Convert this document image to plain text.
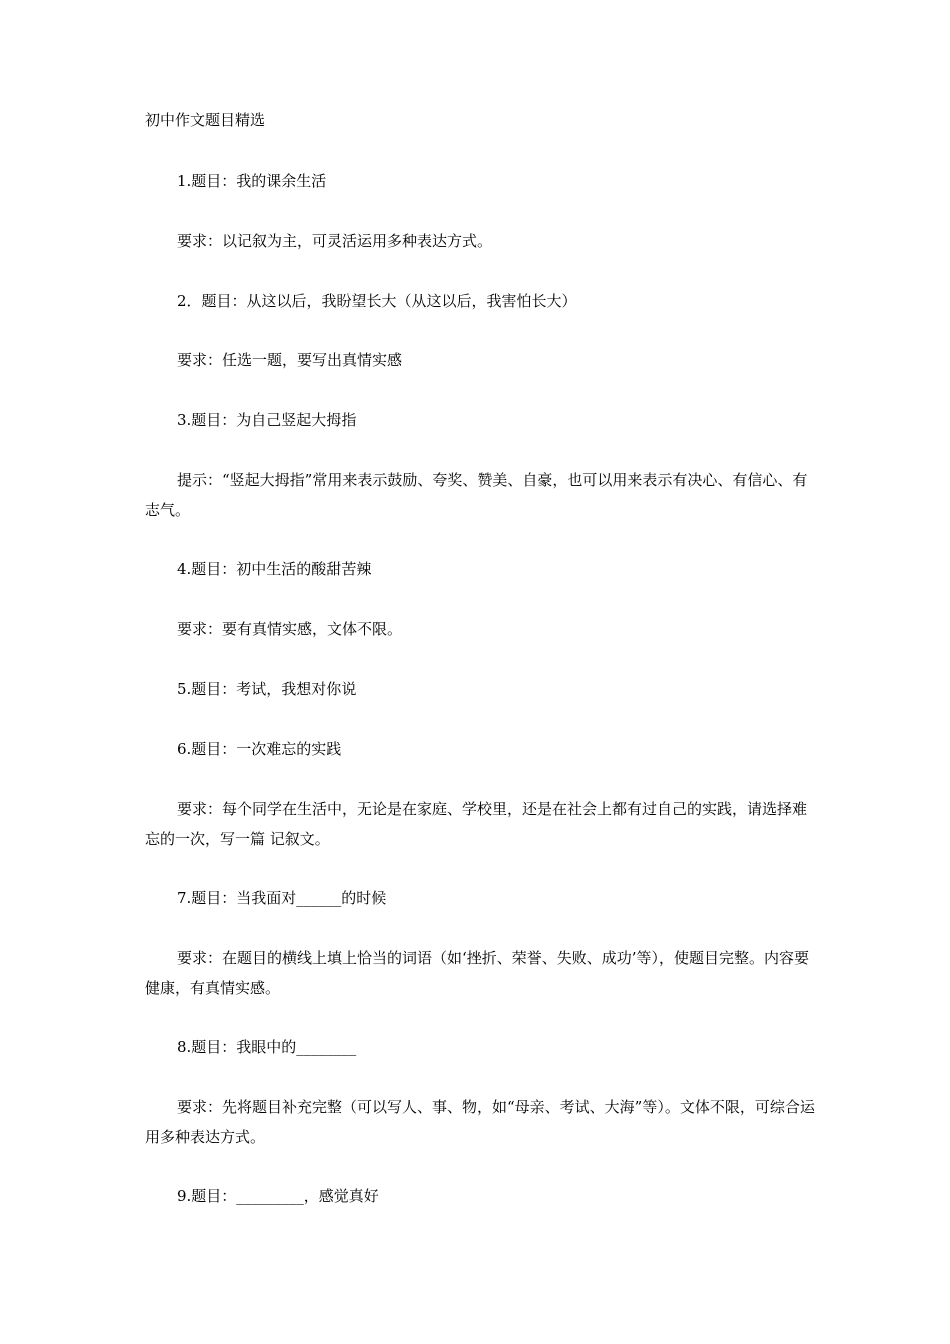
初中作文题目精选
1.题目：我的课余生活
要求：以记叙为主，可灵活运用多种表达方式。
2．题目：从这以后，我盼望长大（从这以后，我害怕长大）
要求：任选一题，要写出真情实感
3.题目：为自己竖起大拇指
提示：“竖起大拇指”常用来表示鼓励、夸奖、赞美、自豪，也可以用来表示有决心、有信心、有志气。
4.题目：初中生活的酸甜苦辣
要求：要有真情实感，文体不限。
5.题目：考试，我想对你说
6.题目：一次难忘的实践
要求：每个同学在生活中，无论是在家庭、学校里，还是在社会上都有过自己的实践，请选择难忘的一次，写一篇 记叙文。
7.题目：当我面对______的时候
要求：在题目的横线上填上恰当的词语（如‘挫折、荣誉、失败、成功’等），使题目完整。内容要健康，有真情实感。
8.题目：我眼中的________
要求：先将题目补充完整（可以写人、事、物，如“母亲、考试、大海”等）。文体不限，可综合运用多种表达方式。
9.题目：_________，感觉真好
